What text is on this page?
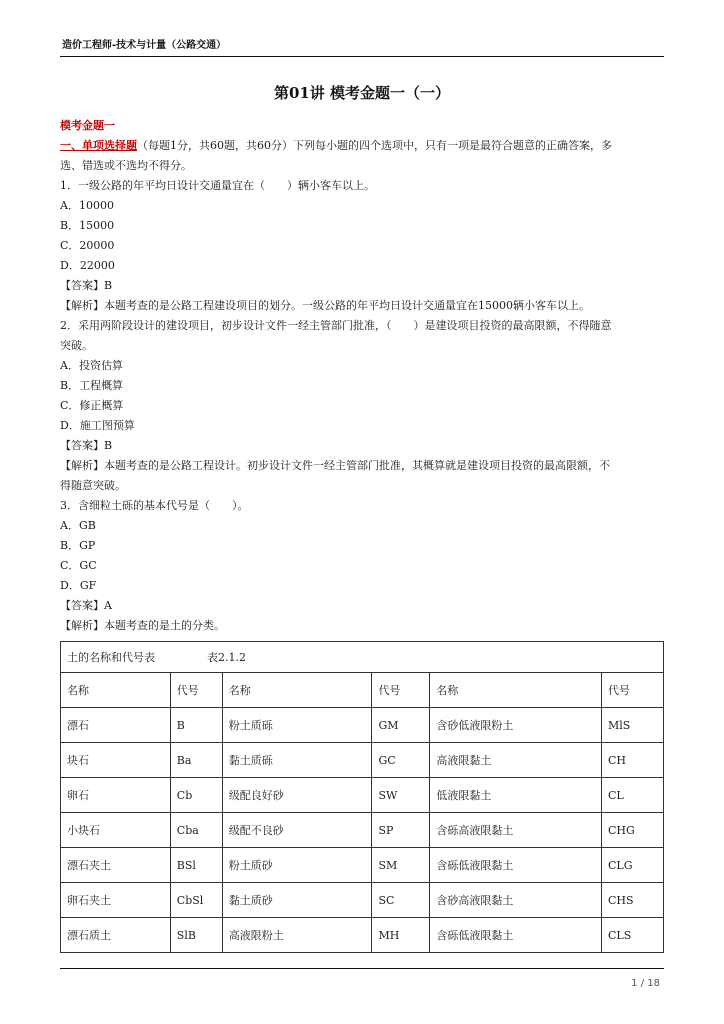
造价工程师-技术与计量（公路交通）
第01讲 模考金题一（一）
模考金题一
一、单项选择题（每题1分，共60题，共60分）下列每小题的四个选项中，只有一项是最符合题意的正确答案，多
选、错选或不选均不得分。
1．一级公路的年平均日设计交通量宜在（　　）辆小客车以上。
A．10000
B．15000
C．20000
D．22000
【答案】B
【解析】本题考查的是公路工程建设项目的划分。一级公路的年平均日设计交通量宜在15000辆小客车以上。
2．采用两阶段设计的建设项目，初步设计文件一经主管部门批准，（　　）是建设项目投资的最高限额，不得随意
突破。
A．投资估算
B．工程概算
C．修正概算
D．施工图预算
【答案】B
【解析】本题考查的是公路工程设计。初步设计文件一经主管部门批准，其概算就是建设项目投资的最高限额，不
得随意突破。
3．含细粒土砾的基本代号是（　　）。
A．GB
B．GP
C．GC
D．GF
【答案】A
【解析】本题考查的是土的分类。
土的名称和代号表 表2.1.2					
名称	代号	名称	代号	名称	代号
漂石	B	粉土质砾	GM	含砂低液限粉土	MlS
块石	Ba	黏土质砾	GC	高液限黏土	CH
卵石	Cb	级配良好砂	SW	低液限黏土	CL
小块石	Cba	级配不良砂	SP	含砾高液限黏土	CHG
漂石夹土	BSl	粉土质砂	SM	含砾低液限黏土	CLG
卵石夹土	CbSl	黏土质砂	SC	含砂高液限黏土	CHS
漂石质土	SlB	高液限粉土	MH	含砾低液限黏土	CLS
1 / 18
